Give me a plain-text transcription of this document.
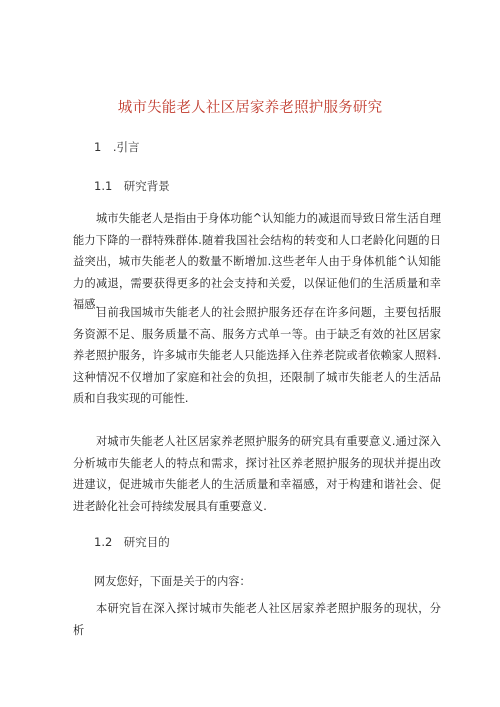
城市失能老人社区居家养老照护服务研究
1　.引言
1.1　研究背景
城市失能老人是指由于身体功能^认知能力的减退而导致日常生活自理能力下降的一群特殊群体.随着我国社会结构的转变和人口老龄化问题的日益突出，城市失能老人的数量不断增加.这些老年人由于身体机能^认知能力的减退，需要获得更多的社会支持和关爱，以保证他们的生活质量和幸福感.
目前我国城市失能老人的社会照护服务还存在许多问题，主要包括服务资源不足、服务质量不高、服务方式单一等。由于缺乏有效的社区居家养老照护服务，许多城市失能老人只能选择入住养老院或者依赖家人照料.这种情况不仅增加了家庭和社会的负担，还限制了城市失能老人的生活品质和自我实现的可能性.
对城市失能老人社区居家养老照护服务的研究具有重要意义.通过深入分析城市失能老人的特点和需求，探讨社区养老照护服务的现状并提出改进建议，促进城市失能老人的生活质量和幸福感，对于构建和谐社会、促进老龄化社会可持续发展具有重要意义.
1.2　研究目的
网友您好，下面是关于的内容：
本研究旨在深入探讨城市失能老人社区居家养老照护服务的现状，分析
